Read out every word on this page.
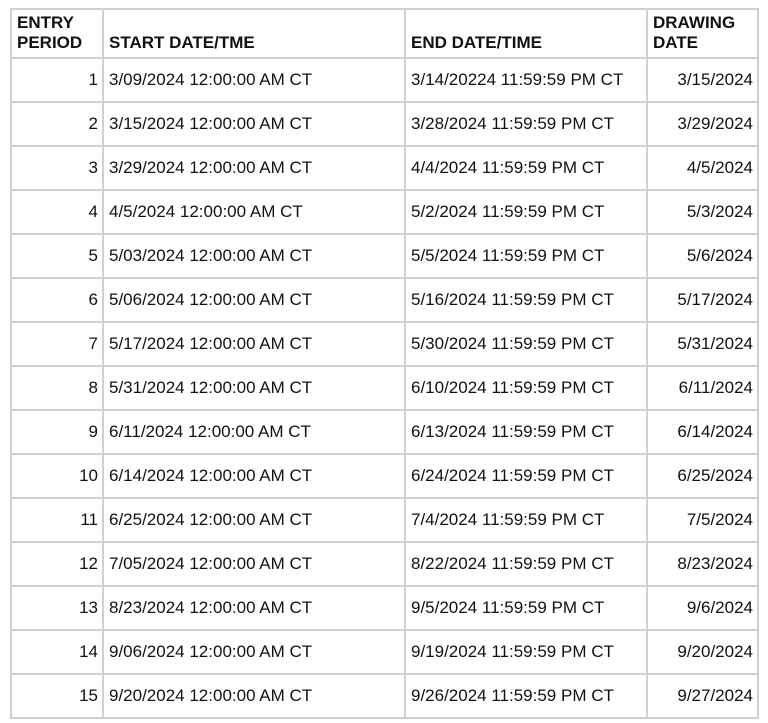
ENTRY
PERIOD	START DATE/TME	END DATE/TIME	DRAWING
DATE

1	3/09/2024 12:00:00 AM CT	3/14/20224 11:59:59 PM CT	3/15/2024
2	3/15/2024 12:00:00 AM CT	3/28/2024 11:59:59 PM CT	3/29/2024
3	3/29/2024 12:00:00 AM CT	4/4/2024 11:59:59 PM CT	4/5/2024
4	4/5/2024 12:00:00 AM CT	5/2/2024 11:59:59 PM CT	5/3/2024
5	5/03/2024 12:00:00 AM CT	5/5/2024 11:59:59 PM CT	5/6/2024
6	5/06/2024 12:00:00 AM CT	5/16/2024 11:59:59 PM CT	5/17/2024
7	5/17/2024 12:00:00 AM CT	5/30/2024 11:59:59 PM CT	5/31/2024
8	5/31/2024 12:00:00 AM CT	6/10/2024 11:59:59 PM CT	6/11/2024
9	6/11/2024 12:00:00 AM CT	6/13/2024 11:59:59 PM CT	6/14/2024
10	6/14/2024 12:00:00 AM CT	6/24/2024 11:59:59 PM CT	6/25/2024
11	6/25/2024 12:00:00 AM CT	7/4/2024 11:59:59 PM CT	7/5/2024
12	7/05/2024 12:00:00 AM CT	8/22/2024 11:59:59 PM CT	8/23/2024
13	8/23/2024 12:00:00 AM CT	9/5/2024 11:59:59 PM CT	9/6/2024
14	9/06/2024 12:00:00 AM CT	9/19/2024 11:59:59 PM CT	9/20/2024
15	9/20/2024 12:00:00 AM CT	9/26/2024 11:59:59 PM CT	9/27/2024
